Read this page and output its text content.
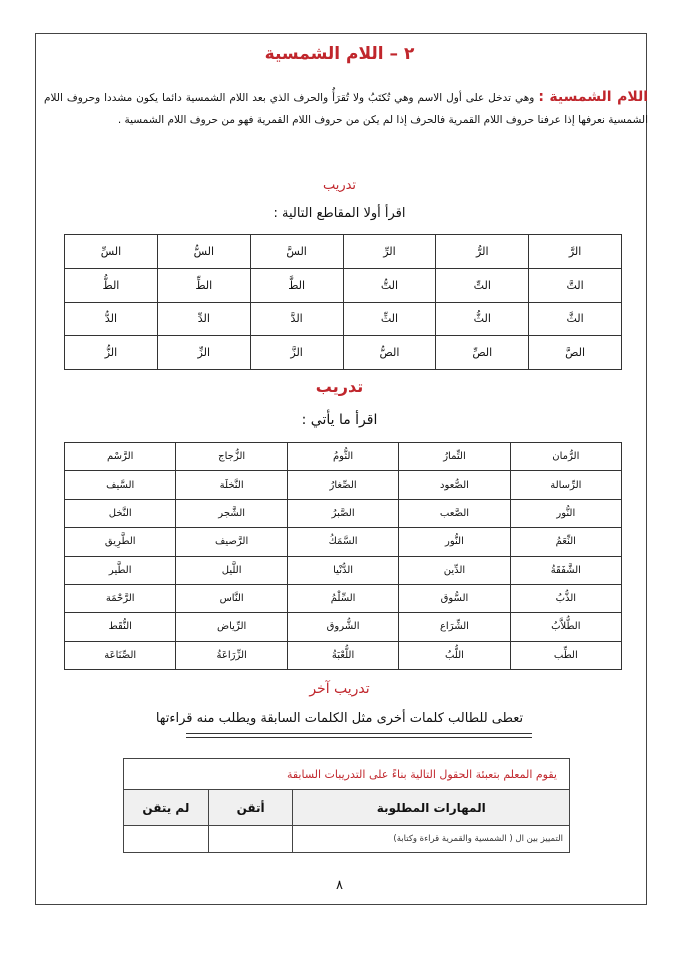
٢ – اللام الشمسية
اللام الشمسية : وهي تدخل على أول الاسم وهي تُكتَبُ ولا تُقرَأُ والحرف الذي بعد اللام الشمسية دائما يكون مشددا وحروف اللام الشمسية نعرفها إذا عرفنا حروف اللام القمرية فالحرف إذا لم يكن من حروف اللام القمرية فهو من حروف اللام الشمسية .
تدريب
اقرأ أولا المقاطع التالية :
الرَّ	الرُّ	الرِّ	السَّ	السُّ	السِّ
التَّ	التِّ	التُّ	الطَّ	الطِّ	الطُّ
الثَّ	الثُّ	الثِّ	الدَّ	الدِّ	الدُّ
الصَّ	الصِّ	الصُّ	الزَّ	الزِّ	الزُّ
تدريب
اقرأ ما يأتي :
الرُّمان	التِّمارُ	الثُّومُ	الزُّجاج	الرَّسْم
الرِّسالة	الصُّعود	الصِّغارُ	النَّخلَة	السَّيف
النُّور	الصَّعب	الصَّبرُ	الشَّجر	النَّخل
النِّعَمُ	النُّور	السَّمَكُ	الرَّصيف	الطَّرِيق
الشَّفَقَةُ	الدِّين	الدُّنْيا	اللَّيل	الطَّير
الذُّبُ	السُّوق	السِّلْمُ	النَّاس	الرَّحْمَة
الطُّلاَّبُ	الشِّرَاع	الشُّروق	الرِّياض	النُّقَط
الطِّب	اللُّبُ	اللُّعْبَةُ	الزِّرَاعَةُ	الصِّنَاعَة
تدريب آخر
تعطى للطالب كلمات أخرى مثل الكلمات السابقة ويطلب منه قراءتها
يقوم المعلم بتعبئة الحقول التالية بناءً على التدريبات السابقة		
المهارات المطلوبة	أتقن	لم يتقن
التمييز بين ال ( الشمسية والقمرية قراءة وكتابة)		
٨
